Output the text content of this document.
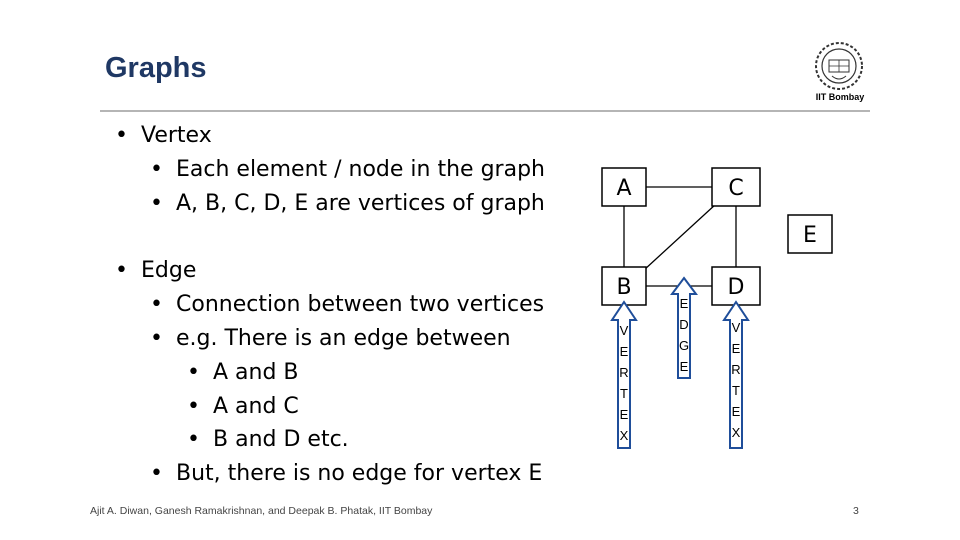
Graphs
IIT Bombay
• Vertex
• Each element / node in the graph
• A, B, C, D, E are vertices of graph
• Edge
• Connection between two vertices
• e.g. There is an edge between
• A and B
• A and C
• B and D etc.
• But, there is no edge for vertex E
A	C
B	D
E
V
E
R
T
E
X
E
D
G
E
V
E
R
T
E
X
Ajit A. Diwan, Ganesh Ramakrishnan, and Deepak B. Phatak, IIT Bombay	3
